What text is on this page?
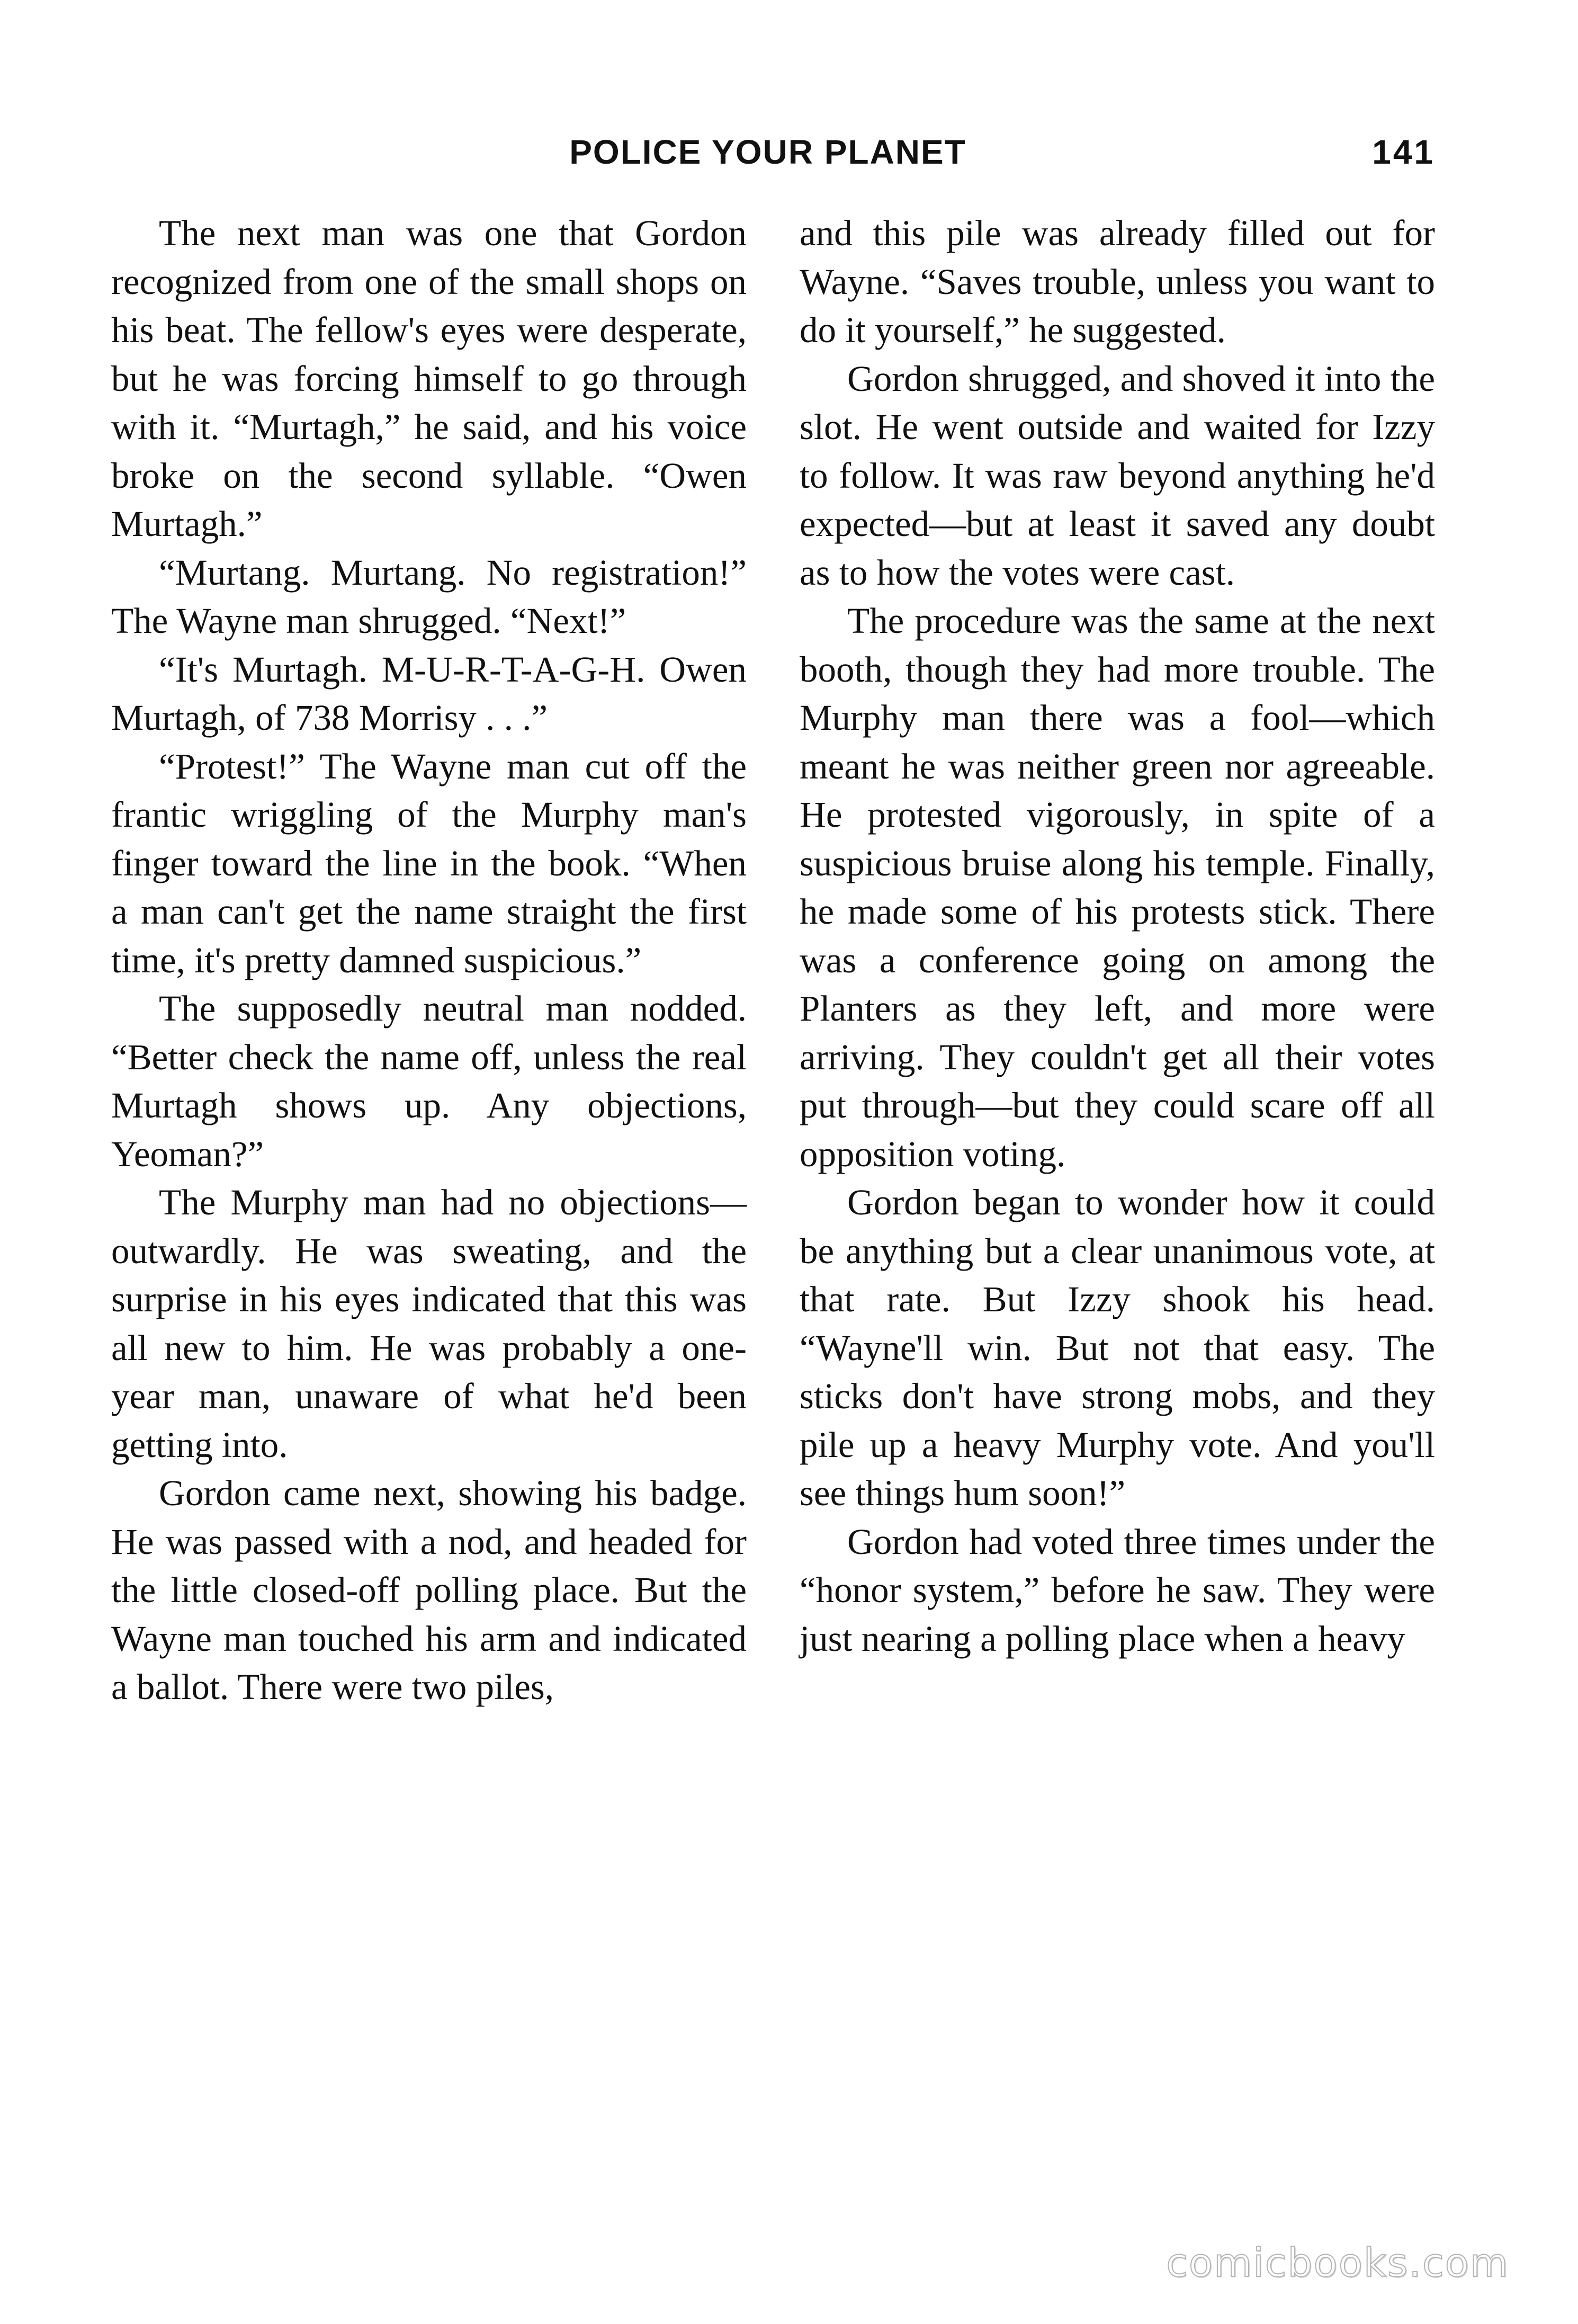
POLICE YOUR PLANET	141

The next man was one that Gordon recognized from one of the small shops on his beat. The fellow's eyes were desperate, but he was forcing himself to go through with it. “Murtagh,” he said, and his voice broke on the second syllable. “Owen Murtagh.”

“Murtang. Murtang. No registration!” The Wayne man shrugged. “Next!”

“It's Murtagh. M-U-R-T-A-G-H. Owen Murtagh, of 738 Morrisy . . .”

“Protest!” The Wayne man cut off the frantic wriggling of the Murphy man's finger toward the line in the book. “When a man can't get the name straight the first time, it's pretty damned suspicious.”

The supposedly neutral man nodded. “Better check the name off, unless the real Murtagh shows up. Any objections, Yeoman?”

The Murphy man had no objections—outwardly. He was sweating, and the surprise in his eyes indicated that this was all new to him. He was probably a one-year man, unaware of what he'd been getting into.

Gordon came next, showing his badge. He was passed with a nod, and headed for the little closed-off polling place. But the Wayne man touched his arm and indicated a ballot. There were two piles,

and this pile was already filled out for Wayne. “Saves trouble, unless you want to do it yourself,” he suggested.

Gordon shrugged, and shoved it into the slot. He went outside and waited for Izzy to follow. It was raw beyond anything he'd expected—but at least it saved any doubt as to how the votes were cast.

The procedure was the same at the next booth, though they had more trouble. The Murphy man there was a fool—which meant he was neither green nor agreeable. He protested vigorously, in spite of a suspicious bruise along his temple. Finally, he made some of his protests stick. There was a conference going on among the Planters as they left, and more were arriving. They couldn't get all their votes put through—but they could scare off all opposition voting.

Gordon began to wonder how it could be anything but a clear unanimous vote, at that rate. But Izzy shook his head. “Wayne'll win. But not that easy. The sticks don't have strong mobs, and they pile up a heavy Murphy vote. And you'll see things hum soon!”

Gordon had voted three times under the “honor system,” before he saw. They were just nearing a polling place when a heavy

comicbooks.com
